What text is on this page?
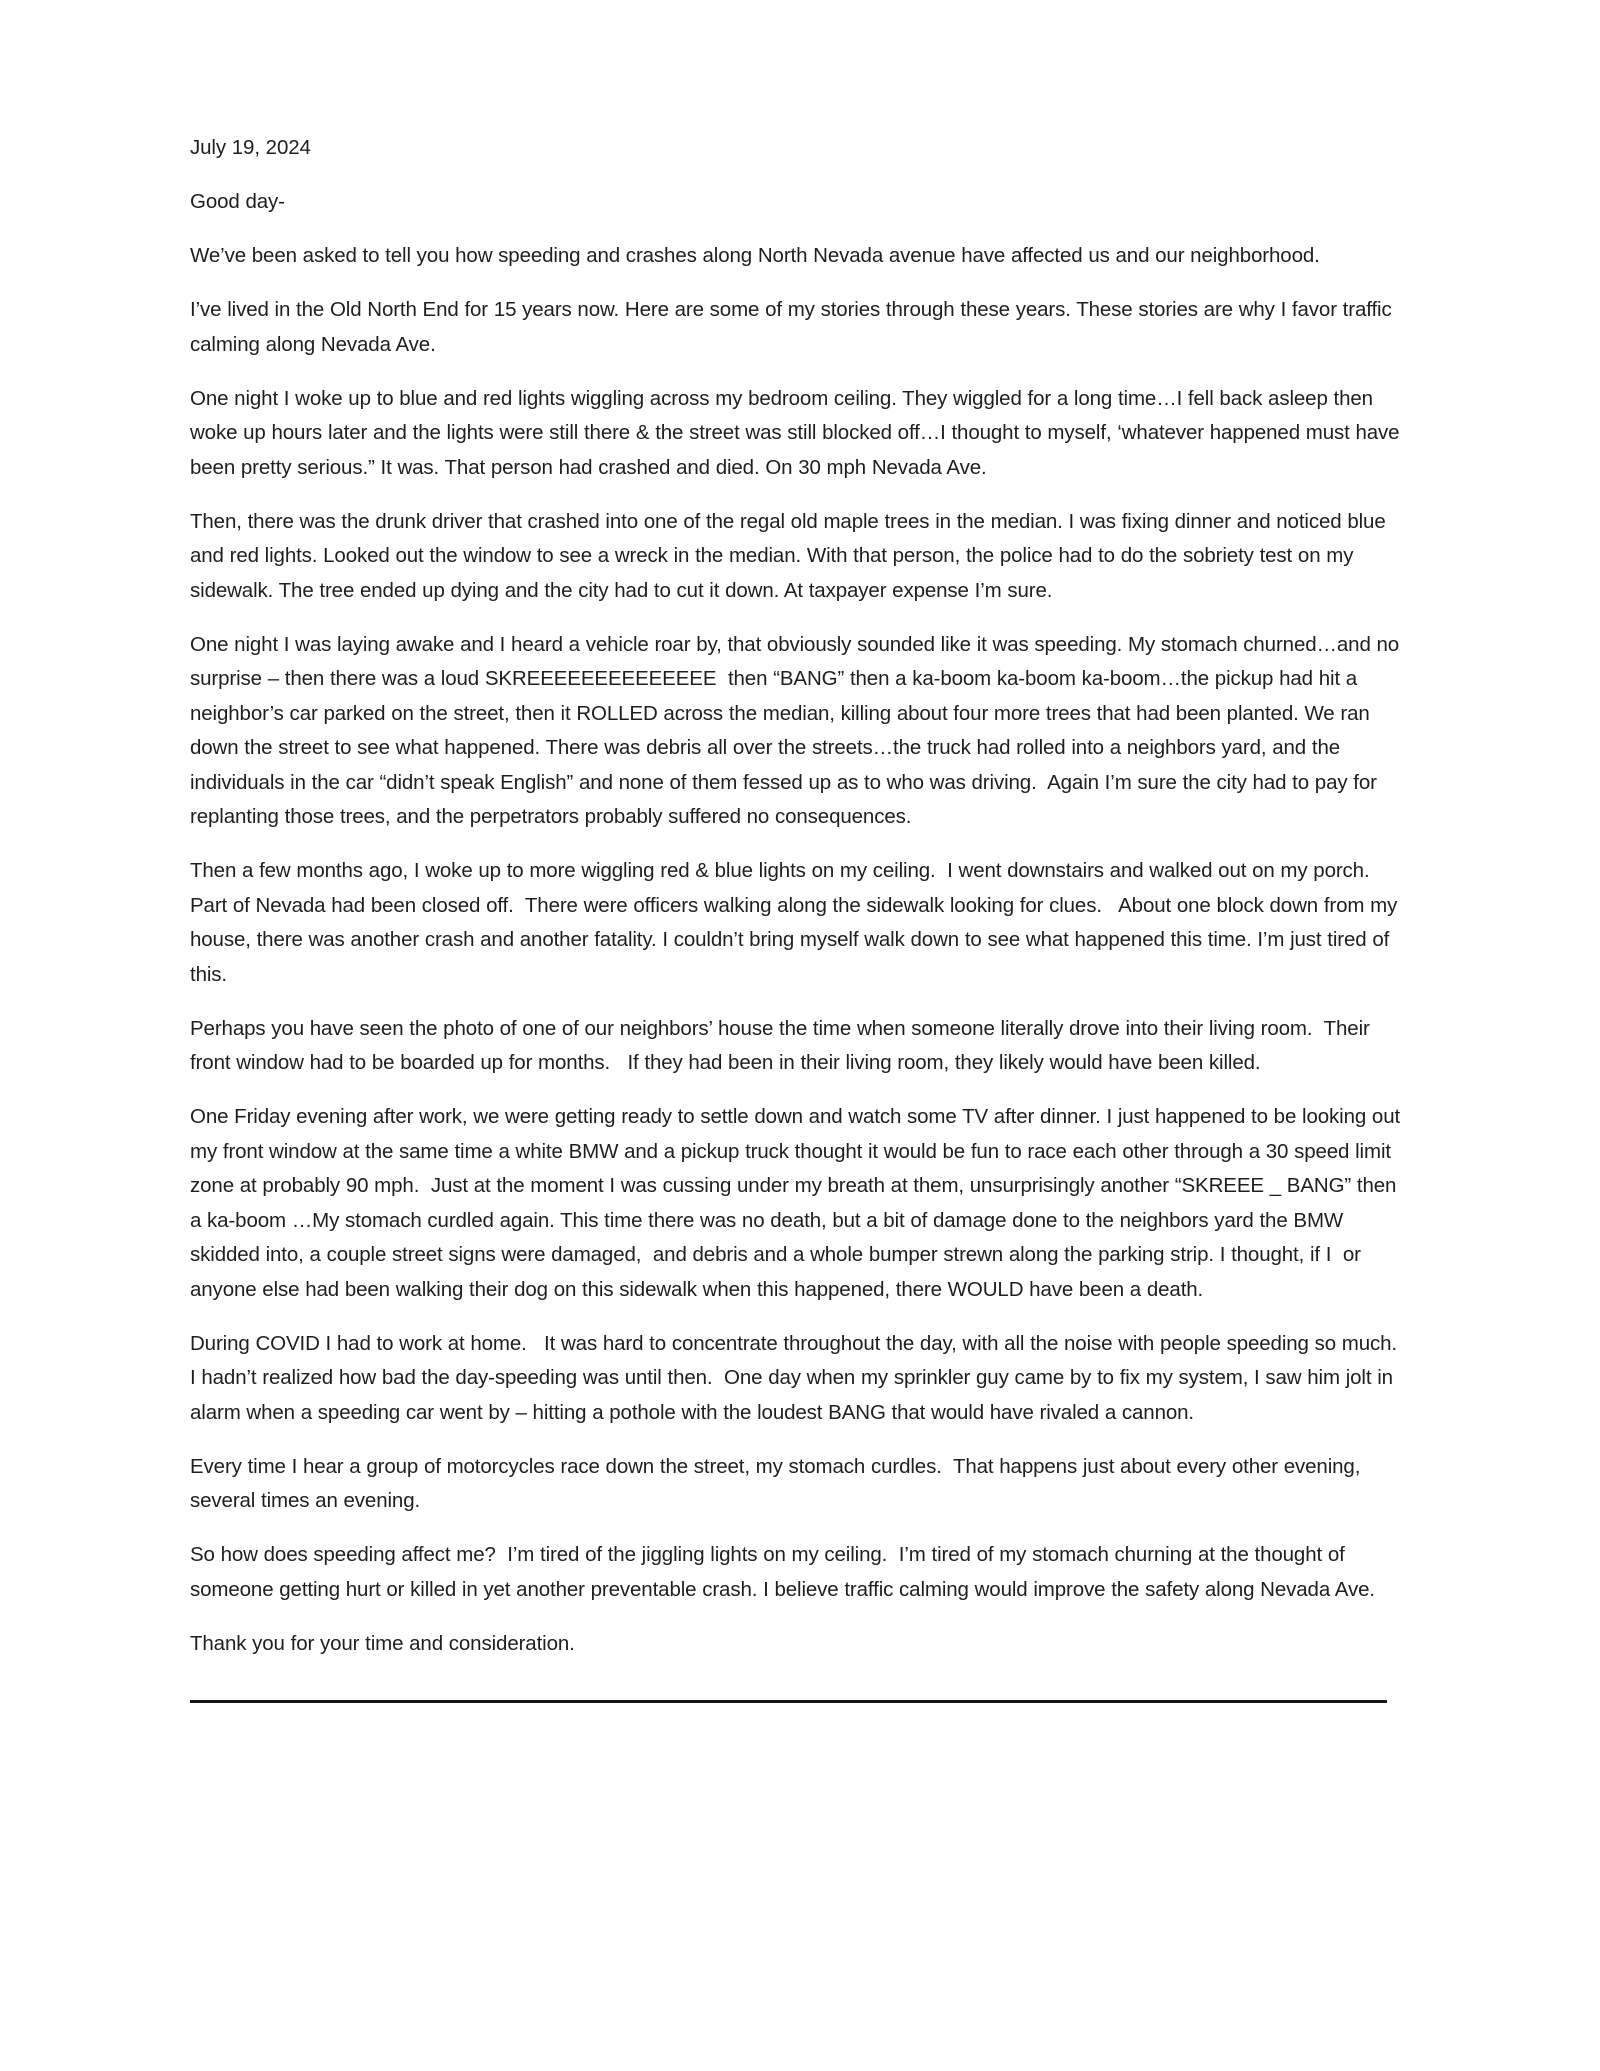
July 19, 2024

Good day-

We’ve been asked to tell you how speeding and crashes along North Nevada avenue have affected us and our neighborhood.

I’ve lived in the Old North End for 15 years now. Here are some of my stories through these years. These stories are why I favor traffic calming along Nevada Ave.

One night I woke up to blue and red lights wiggling across my bedroom ceiling. They wiggled for a long time…I fell back asleep then woke up hours later and the lights were still there & the street was still blocked off…I thought to myself, ‘whatever happened must have been pretty serious.” It was. That person had crashed and died. On 30 mph Nevada Ave.

Then, there was the drunk driver that crashed into one of the regal old maple trees in the median. I was fixing dinner and noticed blue and red lights. Looked out the window to see a wreck in the median. With that person, the police had to do the sobriety test on my sidewalk. The tree ended up dying and the city had to cut it down. At taxpayer expense I’m sure.

One night I was laying awake and I heard a vehicle roar by, that obviously sounded like it was speeding. My stomach churned…and no surprise – then there was a loud SKREEEEEEEEEEEEEE  then “BANG” then a ka-boom ka-boom ka-boom…the pickup had hit a neighbor’s car parked on the street, then it ROLLED across the median, killing about four more trees that had been planted. We ran down the street to see what happened. There was debris all over the streets…the truck had rolled into a neighbors yard, and the individuals in the car “didn’t speak English” and none of them fessed up as to who was driving.  Again I’m sure the city had to pay for replanting those trees, and the perpetrators probably suffered no consequences.

Then a few months ago, I woke up to more wiggling red & blue lights on my ceiling.  I went downstairs and walked out on my porch. Part of Nevada had been closed off.  There were officers walking along the sidewalk looking for clues.   About one block down from my house, there was another crash and another fatality. I couldn’t bring myself walk down to see what happened this time. I’m just tired of this.

Perhaps you have seen the photo of one of our neighbors’ house the time when someone literally drove into their living room.  Their front window had to be boarded up for months.   If they had been in their living room, they likely would have been killed.

One Friday evening after work, we were getting ready to settle down and watch some TV after dinner. I just happened to be looking out my front window at the same time a white BMW and a pickup truck thought it would be fun to race each other through a 30 speed limit zone at probably 90 mph.  Just at the moment I was cussing under my breath at them, unsurprisingly another “SKREEE _ BANG” then a ka-boom …My stomach curdled again. This time there was no death, but a bit of damage done to the neighbors yard the BMW skidded into, a couple street signs were damaged,  and debris and a whole bumper strewn along the parking strip. I thought, if I  or anyone else had been walking their dog on this sidewalk when this happened, there WOULD have been a death.

During COVID I had to work at home.   It was hard to concentrate throughout the day, with all the noise with people speeding so much.  I hadn’t realized how bad the day-speeding was until then.  One day when my sprinkler guy came by to fix my system, I saw him jolt in alarm when a speeding car went by – hitting a pothole with the loudest BANG that would have rivaled a cannon.

Every time I hear a group of motorcycles race down the street, my stomach curdles.  That happens just about every other evening,   several times an evening.

So how does speeding affect me?  I’m tired of the jiggling lights on my ceiling.  I’m tired of my stomach churning at the thought of someone getting hurt or killed in yet another preventable crash. I believe traffic calming would improve the safety along Nevada Ave.

Thank you for your time and consideration.
